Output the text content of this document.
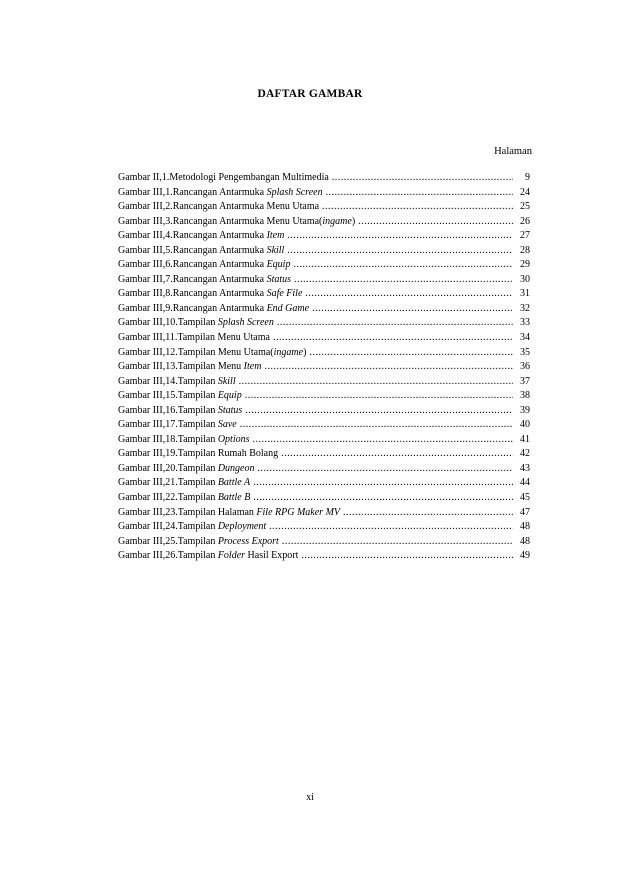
DAFTAR GAMBAR
Halaman
Gambar II,1.Metodologi Pengembangan Multimedia .....	9
Gambar III,1.Rancangan Antarmuka Splash Screen .....	24
Gambar III,2.Rancangan Antarmuka Menu Utama .....	25
Gambar III,3.Rancangan Antarmuka Menu Utama(ingame) .....	26
Gambar III,4.Rancangan Antarmuka Item .....	27
Gambar III,5.Rancangan Antarmuka Skill .....	28
Gambar III,6.Rancangan Antarmuka Equip .....	29
Gambar III,7.Rancangan Antarmuka Status .....	30
Gambar III,8.Rancangan Antarmuka Safe File .....	31
Gambar III,9.Rancangan Antarmuka End Game .....	32
Gambar III,10.Tampilan Splash Screen .....	33
Gambar III,11.Tampilan Menu Utama .....	34
Gambar III,12.Tampilan Menu Utama(ingame) .....	35
Gambar III,13.Tampilan Menu Item .....	36
Gambar III,14.Tampilan Skill .....	37
Gambar III,15.Tampilan Equip .....	38
Gambar III,16.Tampilan Status .....	39
Gambar III,17.Tampilan Save .....	40
Gambar III,18.Tampilan Options .....	41
Gambar III,19.Tampilan Rumah Bolang .....	42
Gambar III,20.Tampilan Dungeon .....	43
Gambar III,21.Tampilan Battle A .....	44
Gambar III,22.Tampilan Battle B .....	45
Gambar III,23.Tampilan Halaman File RPG Maker MV .....	47
Gambar III,24.Tampilan Deployment .....	48
Gambar III,25.Tampilan Process Export .....	48
Gambar III,26.Tampilan Folder Hasil Export .....	49
xi
